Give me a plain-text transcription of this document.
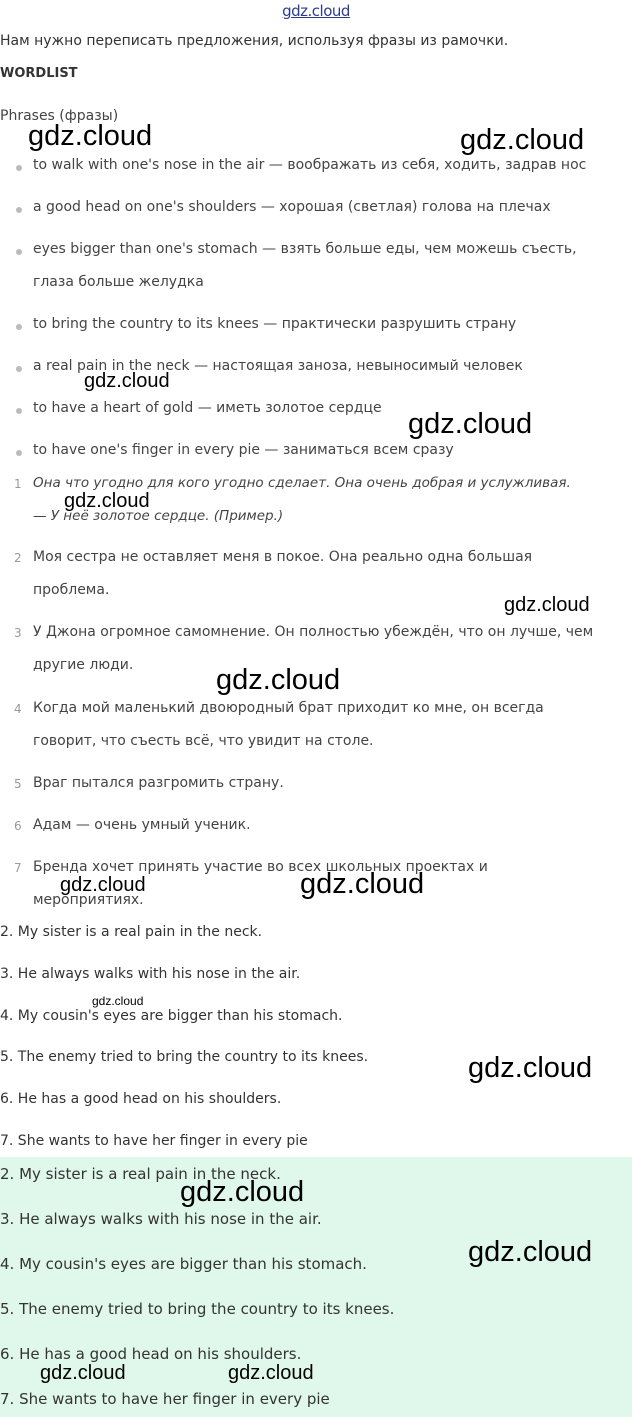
gdz.cloud
Нам нужно переписать предложения, используя фразы из рамочки.
WORDLIST
Phrases (фразы)
to walk with one's nose in the air — воображать из себя, ходить, задрав нос
a good head on one's shoulders — хорошая (светлая) голова на плечах
eyes bigger than one's stomach — взять больше еды, чем можешь съесть,
глаза больше желудка
to bring the country to its knees — практически разрушить страну
a real pain in the neck — настоящая заноза, невыносимый человек
to have a heart of gold — иметь золотое сердце
to have one's finger in every pie — заниматься всем сразу
1 Она что угодно для кого угодно сделает. Она очень добрая и услужливая.
— У неё золотое сердце. (Пример.)
2 Моя сестра не оставляет меня в покое. Она реально одна большая
проблема.
3 У Джона огромное самомнение. Он полностью убеждён, что он лучше, чем
другие люди.
4 Когда мой маленький двоюродный брат приходит ко мне, он всегда
говорит, что съесть всё, что увидит на столе.
5 Враг пытался разгромить страну.
6 Адам — очень умный ученик.
7 Бренда хочет принять участие во всех школьных проектах и
мероприятиях.
2. My sister is a real pain in the neck.
3. He always walks with his nose in the air.
4. My cousin's eyes are bigger than his stomach.
5. The enemy tried to bring the country to its knees.
6. He has a good head on his shoulders.
7. She wants to have her finger in every pie
2. My sister is a real pain in the neck.
3. He always walks with his nose in the air.
4. My cousin's eyes are bigger than his stomach.
5. The enemy tried to bring the country to its knees.
6. He has a good head on his shoulders.
7. She wants to have her finger in every pie
gdz.cloud	gdz.cloud
gdz.cloud
gdz.cloud
gdz.cloud
gdz.cloud
gdz.cloud
gdz.cloud	gdz.cloud
gdz.cloud
gdz.cloud
gdz.cloud
gdz.cloud
gdz.cloud	gdz.cloud
